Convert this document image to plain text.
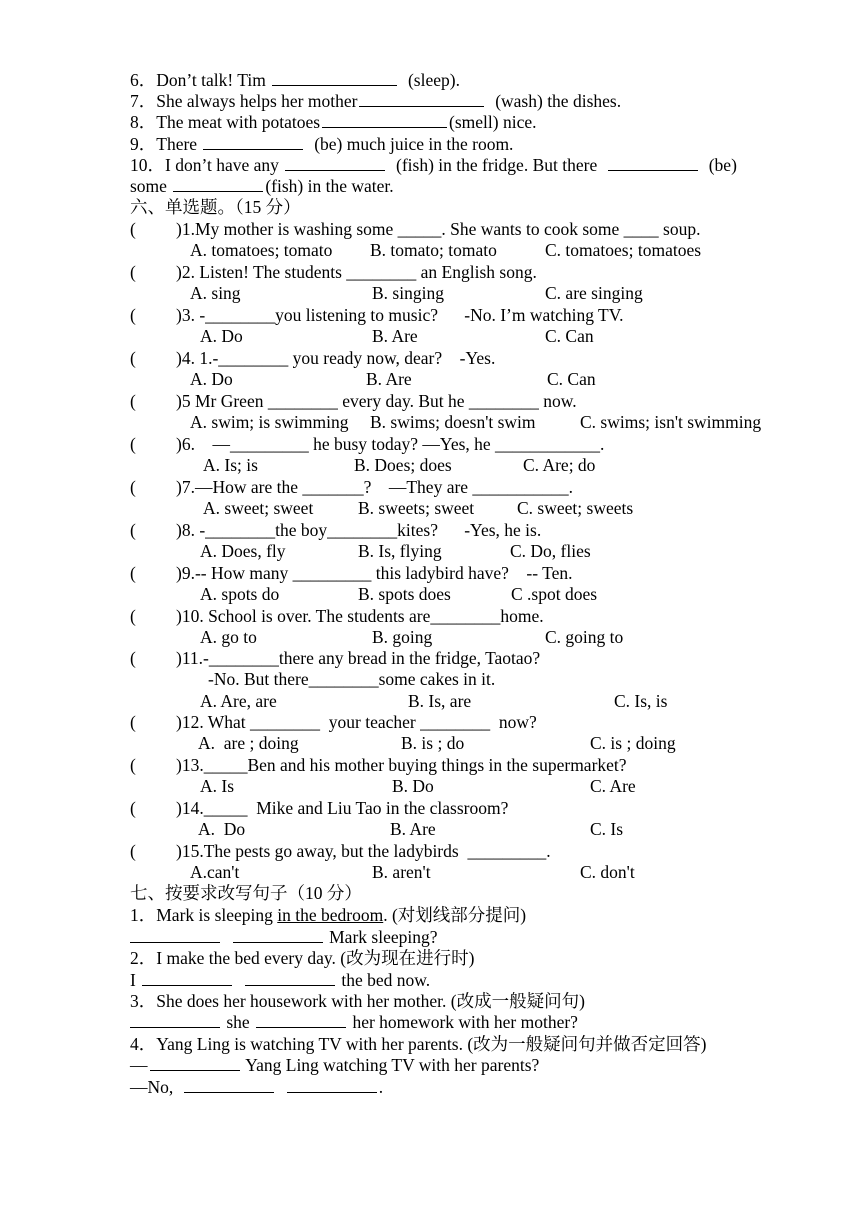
6．Don’t talk! Tim	(sleep).
7．She always helps her mother	(wash) the dishes.
8．The meat with potatoes	(smell) nice.
9．There	(be) much juice in the room.
10．I don’t have any	(fish) in the fridge. But there	(be)
some	(fish) in the water.
六、单选题。（15 分）
( )1.My mother is washing some _____. She wants to cook some ____ soup.
A. tomatoes; tomato B. tomato; tomato	C. tomatoes; tomatoes
( )2. Listen! The students ________ an English song.
A. sing	B. singing	C. are singing
( )3. -________you listening to music?      -No. I’m watching TV.
A. Do	B. Are	C. Can
( )4. 1.-________ you ready now, dear?    -Yes.
A. Do	B. Are	C. Can
( )5 Mr Green ________ every day. But he ________ now.
A. swim; is swimming B. swims; doesn't swim	C. swims; isn't swimming
( )6.    —_________ he busy today? —Yes, he ____________.
A. Is; is	B. Does; does	C. Are; do
( )7.—How are the _______?    —They are ___________.
A. sweet; sweet	B. sweets; sweet C. sweet; sweets
( )8. -________the boy________kites?      -Yes, he is.
A. Does, fly	B. Is, flying	C. Do, flies
( )9.-- How many _________ this ladybird have?    -- Ten.
A. spots do	B. spots does	C .spot does
( )10. School is over. The students are________home.
A. go to	B. going	C. going to
( )11.-________there any bread in the fridge, Taotao?
-No. But there________some cakes in it.
A. Are, are	B. Is, are	C. Is, is
( )12. What ________  your teacher ________  now?
A.  are ; doing	B. is ; do	C. is ; doing
( )13._____Ben and his mother buying things in the supermarket?
A. Is	B. Do	C. Are
( )14._____  Mike and Liu Tao in the classroom?
A.  Do	B. Are	C. Is
( )15.The pests go away, but the ladybirds  _________.
A.can't	B. aren't	C. don't
七、按要求改写句子（10 分）
1．Mark is sleeping in the bedroom. (对划线部分提问)
Mark sleeping?
2．I make the bed every day. (改为现在进行时)
I	the bed now.
3．She does her housework with her mother. (改成一般疑问句)
she	her homework with her mother?
4．Yang Ling is watching TV with her parents. (改为一般疑问句并做否定回答)
—	Yang Ling watching TV with her parents?
—No,	.
